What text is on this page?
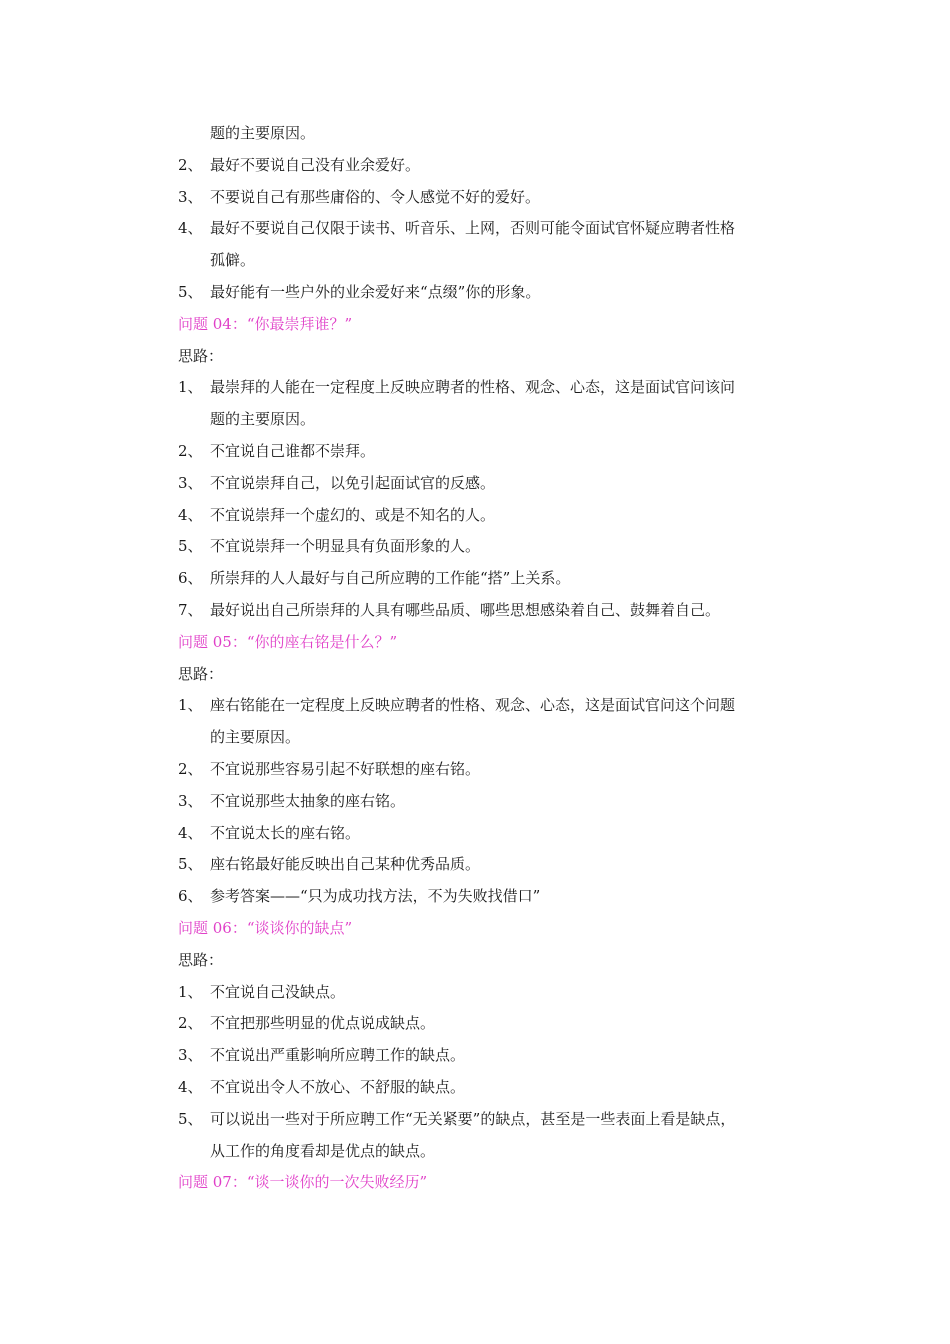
题的主要原因。
2、 最好不要说自己没有业余爱好。
3、 不要说自己有那些庸俗的、令人感觉不好的爱好。
4、 最好不要说自己仅限于读书、听音乐、上网，否则可能令面试官怀疑应聘者性格
孤僻。
5、 最好能有一些户外的业余爱好来“点缀”你的形象。
问题 04：“你最崇拜谁？”
思路：
1、 最崇拜的人能在一定程度上反映应聘者的性格、观念、心态，这是面试官问该问
题的主要原因。
2、 不宜说自己谁都不崇拜。
3、 不宜说崇拜自己，以免引起面试官的反感。
4、 不宜说崇拜一个虚幻的、或是不知名的人。
5、 不宜说崇拜一个明显具有负面形象的人。
6、 所崇拜的人人最好与自己所应聘的工作能“搭”上关系。
7、 最好说出自己所崇拜的人具有哪些品质、哪些思想感染着自己、鼓舞着自己。
问题 05：“你的座右铭是什么？”
思路：
1、 座右铭能在一定程度上反映应聘者的性格、观念、心态，这是面试官问这个问题
的主要原因。
2、 不宜说那些容易引起不好联想的座右铭。
3、 不宜说那些太抽象的座右铭。
4、 不宜说太长的座右铭。
5、 座右铭最好能反映出自己某种优秀品质。
6、 参考答案——“只为成功找方法，不为失败找借口”
问题 06：“谈谈你的缺点”
思路：
1、 不宜说自己没缺点。
2、 不宜把那些明显的优点说成缺点。
3、 不宜说出严重影响所应聘工作的缺点。
4、 不宜说出令人不放心、不舒服的缺点。
5、 可以说出一些对于所应聘工作“无关紧要”的缺点，甚至是一些表面上看是缺点，
从工作的角度看却是优点的缺点。
问题 07：“谈一谈你的一次失败经历”
